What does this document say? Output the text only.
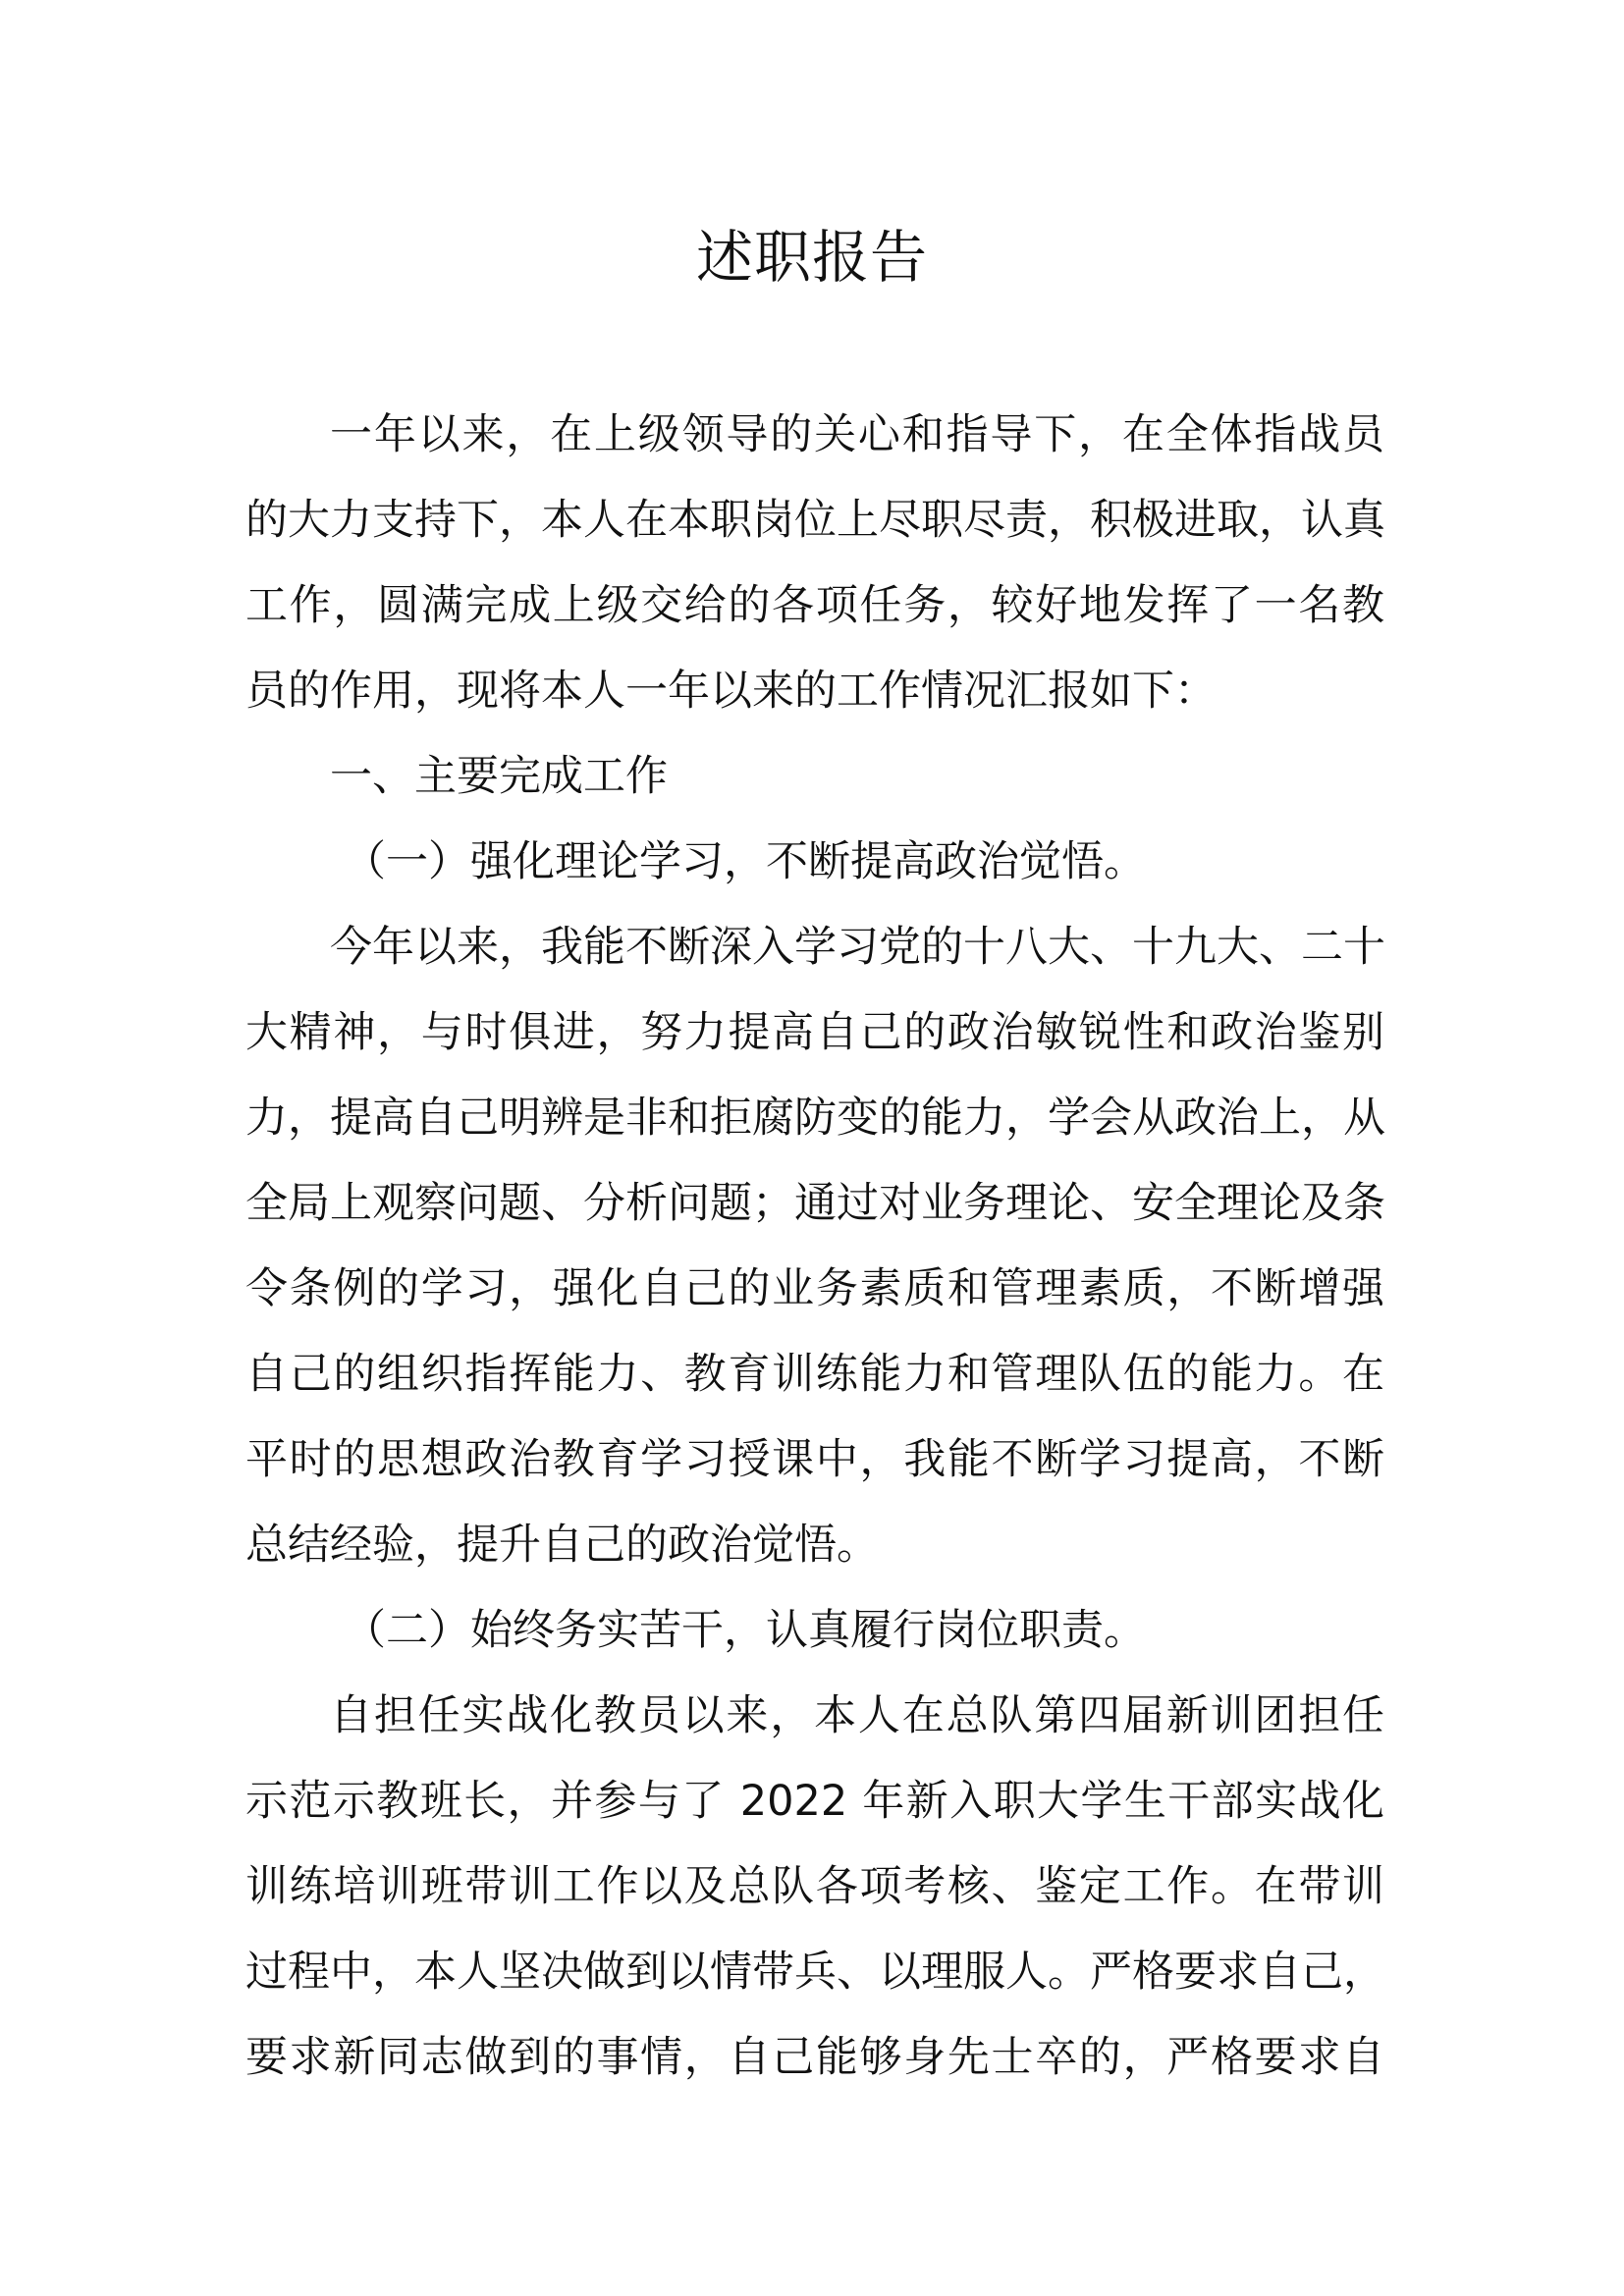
述职报告
一年以来，在上级领导的关心和指导下，在全体指战员
的大力支持下，本人在本职岗位上尽职尽责，积极进取，认真
工作，圆满完成上级交给的各项任务，较好地发挥了一名教
员的作用，现将本人一年以来的工作情况汇报如下：
一、主要完成工作
（一）强化理论学习，不断提高政治觉悟。
今年以来，我能不断深入学习党的十八大、十九大、二十
大精神，与时俱进，努力提高自己的政治敏锐性和政治鉴别
力，提高自己明辨是非和拒腐防变的能力，学会从政治上，从
全局上观察问题、分析问题；通过对业务理论、安全理论及条
令条例的学习，强化自己的业务素质和管理素质，不断增强
自己的组织指挥能力、教育训练能力和管理队伍的能力。在
平时的思想政治教育学习授课中，我能不断学习提高，不断
总结经验，提升自己的政治觉悟。
（二）始终务实苦干，认真履行岗位职责。
自担任实战化教员以来，本人在总队第四届新训团担任
示范示教班长，并参与了 2022 年新入职大学生干部实战化
训练培训班带训工作以及总队各项考核、鉴定工作。在带训
过程中，本人坚决做到以情带兵、以理服人。严格要求自己，
要求新同志做到的事情，自己能够身先士卒的，严格要求自
